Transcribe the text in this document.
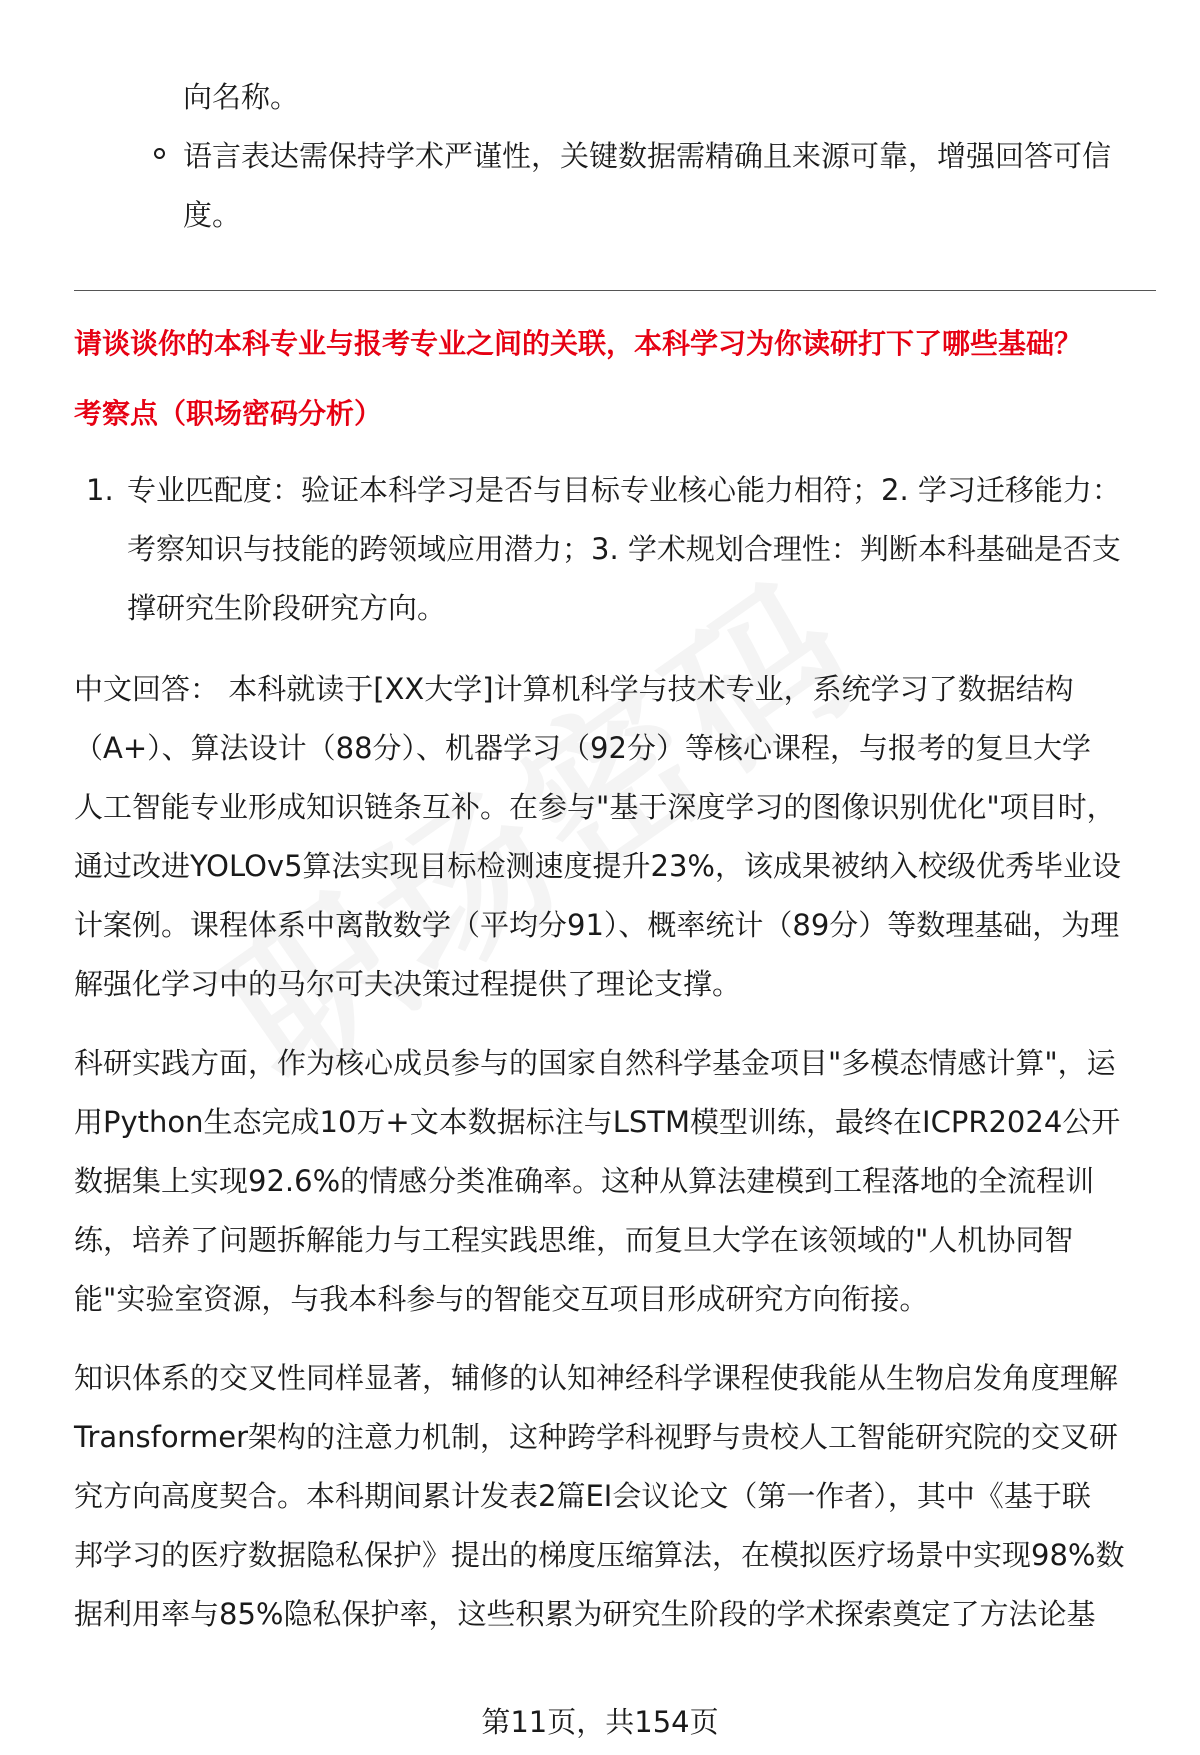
向名称。
语言表达需保持学术严谨性，关键数据需精确且来源可靠，增强回答可信
度。
请谈谈你的本科专业与报考专业之间的关联，本科学习为你读研打下了哪些基础？
考察点（职场密码分析）
1. 专业匹配度：验证本科学习是否与目标专业核心能力相符；2. 学习迁移能力：
考察知识与技能的跨领域应用潜力；3. 学术规划合理性：判断本科基础是否支
撑研究生阶段研究方向。
中文回答： 本科就读于[XX大学]计算机科学与技术专业，系统学习了数据结构
（A+）、算法设计（88分）、机器学习（92分）等核心课程，与报考的复旦大学
人工智能专业形成知识链条互补。在参与"基于深度学习的图像识别优化"项目时，
通过改进YOLOv5算法实现目标检测速度提升23%，该成果被纳入校级优秀毕业设
计案例。课程体系中离散数学（平均分91）、概率统计（89分）等数理基础，为理
解强化学习中的马尔可夫决策过程提供了理论支撑。
科研实践方面，作为核心成员参与的国家自然科学基金项目"多模态情感计算"，运
用Python生态完成10万+文本数据标注与LSTM模型训练，最终在ICPR2024公开
数据集上实现92.6%的情感分类准确率。这种从算法建模到工程落地的全流程训
练，培养了问题拆解能力与工程实践思维，而复旦大学在该领域的"人机协同智
能"实验室资源，与我本科参与的智能交互项目形成研究方向衔接。
知识体系的交叉性同样显著，辅修的认知神经科学课程使我能从生物启发角度理解
Transformer架构的注意力机制，这种跨学科视野与贵校人工智能研究院的交叉研
究方向高度契合。本科期间累计发表2篇EI会议论文（第一作者），其中《基于联
邦学习的医疗数据隐私保护》提出的梯度压缩算法，在模拟医疗场景中实现98%数
据利用率与85%隐私保护率，这些积累为研究生阶段的学术探索奠定了方法论基
第11页，共154页
